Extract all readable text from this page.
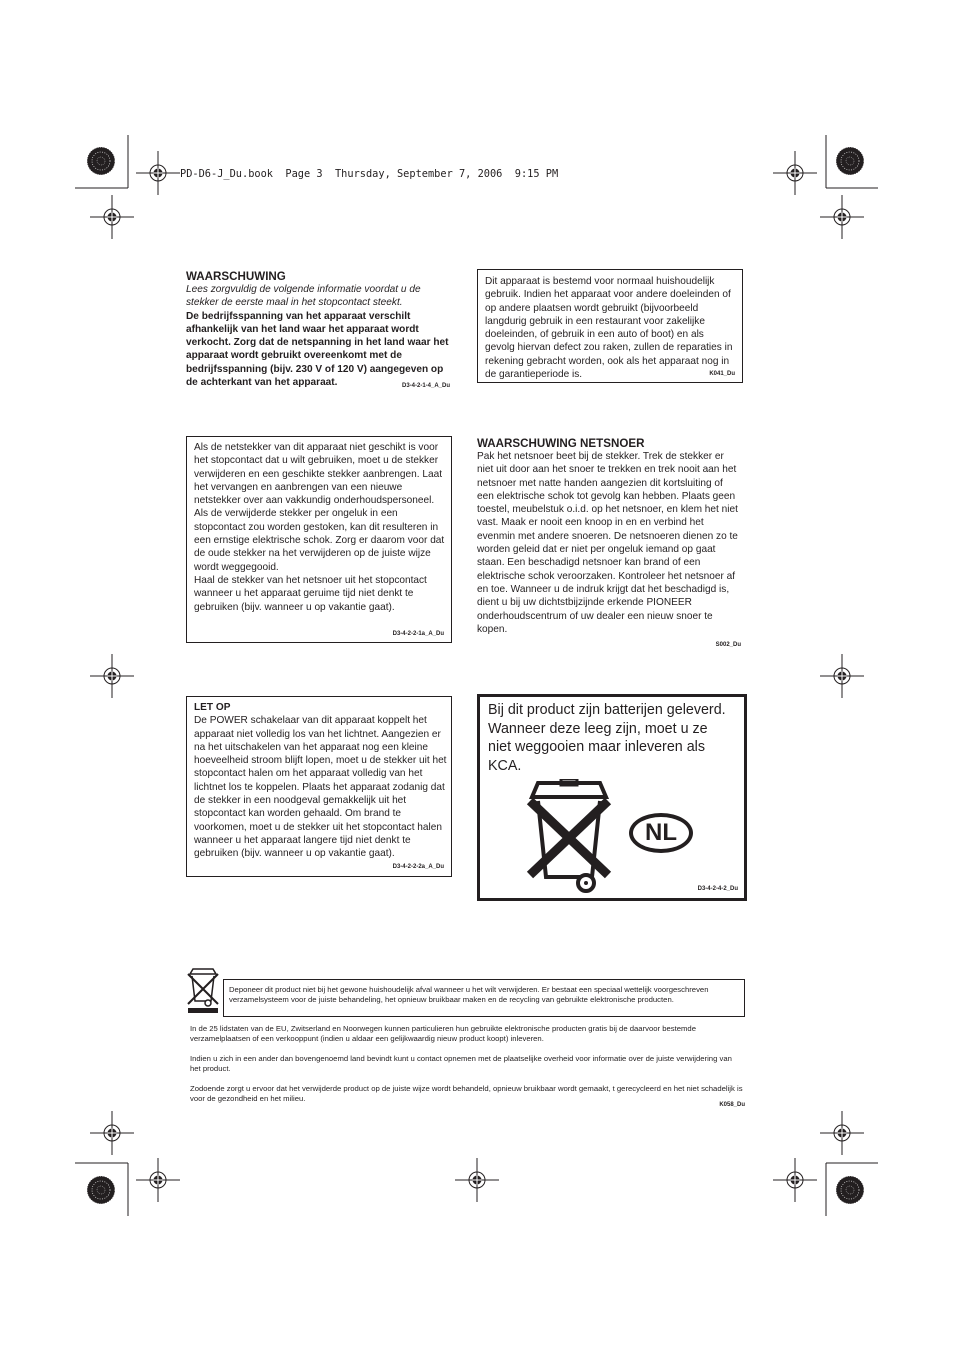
PD-D6-J_Du.book  Page 3  Thursday, September 7, 2006  9:15 PM
WAARSCHUWING
Lees zorgvuldig de volgende informatie voordat u de stekker de eerste maal in het stopcontact steekt.
De bedrijfsspanning van het apparaat verschilt afhankelijk van het land waar het apparaat wordt verkocht. Zorg dat de netspanning in het land waar het apparaat wordt gebruikt overeenkomt met de bedrijfsspanning (bijv. 230 V of 120 V) aangegeven op de achterkant van het apparaat.	D3-4-2-1-4_A_Du
Dit apparaat is bestemd voor normaal huishoudelijk gebruik. Indien het apparaat voor andere doeleinden of op andere plaatsen wordt gebruikt (bijvoorbeeld langdurig gebruik in een restaurant voor zakelijke doeleinden, of gebruik in een auto of boot) en als gevolg hiervan defect zou raken, zullen de reparaties in rekening gebracht worden, ook als het apparaat nog in de garantieperiode is.	K041_Du
Als de netstekker van dit apparaat niet geschikt is voor het stopcontact dat u wilt gebruiken, moet u de stekker verwijderen en een geschikte stekker aanbrengen. Laat het vervangen en aanbrengen van een nieuwe netstekker over aan vakkundig onderhoudspersoneel. Als de verwijderde stekker per ongeluk in een stopcontact zou worden gestoken, kan dit resulteren in een ernstige elektrische schok. Zorg er daarom voor dat de oude stekker na het verwijderen op de juiste wijze wordt weggegooid.
Haal de stekker van het netsnoer uit het stopcontact wanneer u het apparaat geruime tijd niet denkt te gebruiken (bijv. wanneer u op vakantie gaat).
D3-4-2-2-1a_A_Du
WAARSCHUWING NETSNOER
Pak het netsnoer beet bij de stekker. Trek de stekker er niet uit door aan het snoer te trekken en trek nooit aan het netsnoer met natte handen aangezien dit kortsluiting of een elektrische schok tot gevolg kan hebben. Plaats geen toestel, meubelstuk o.i.d. op het netsnoer, en klem het niet vast. Maak er nooit een knoop in en en verbind het evenmin met andere snoeren. De netsnoeren dienen zo te worden geleid dat er niet per ongeluk iemand op gaat staan. Een beschadigd netsnoer kan brand of een elektrische schok veroorzaken. Kontroleer het netsnoer af en toe. Wanneer u de indruk krijgt dat het beschadigd is, dient u bij uw dichtstbijzijnde erkende PIONEER onderhoudscentrum of uw dealer een nieuw snoer te kopen.
S002_Du
LET OP
De POWER schakelaar van dit apparaat koppelt het apparaat niet volledig los van het lichtnet. Aangezien er na het uitschakelen van het apparaat nog een kleine hoeveelheid stroom blijft lopen, moet u de stekker uit het stopcontact halen om het apparaat volledig van het lichtnet los te koppelen. Plaats het apparaat zodanig dat de stekker in een noodgeval gemakkelijk uit het stopcontact kan worden gehaald. Om brand te voorkomen, moet u de stekker uit het stopcontact halen wanneer u het apparaat langere tijd niet denkt te gebruiken (bijv. wanneer u op vakantie gaat).
D3-4-2-2-2a_A_Du
Bij dit product zijn batterijen geleverd. Wanneer deze leeg zijn, moet u ze niet weggooien maar inleveren als KCA.
NL
D3-4-2-4-2_Du
Deponeer dit product niet bij het gewone huishoudelijk afval wanneer u het wilt verwijderen. Er bestaat een speciaal wettelijk voorgeschreven verzamelsysteem voor de juiste behandeling, het opnieuw bruikbaar maken en de recycling van gebruikte elektronische producten.
In de 25 lidstaten van de EU, Zwitserland en Noorwegen kunnen particulieren hun gebruikte elektronische producten gratis bij de daarvoor bestemde verzamelplaatsen of een verkooppunt (indien u aldaar een gelijkwaardig nieuw product koopt) inleveren.
Indien u zich in een ander dan bovengenoemd land bevindt kunt u contact opnemen met de plaatselijke overheid voor informatie over de juiste verwijdering van het product.
Zodoende zorgt u ervoor dat het verwijderde product op de juiste wijze wordt behandeld, opnieuw bruikbaar wordt gemaakt, t gerecycleerd en het niet schadelijk is voor de gezondheid en het milieu.
K058_Du
